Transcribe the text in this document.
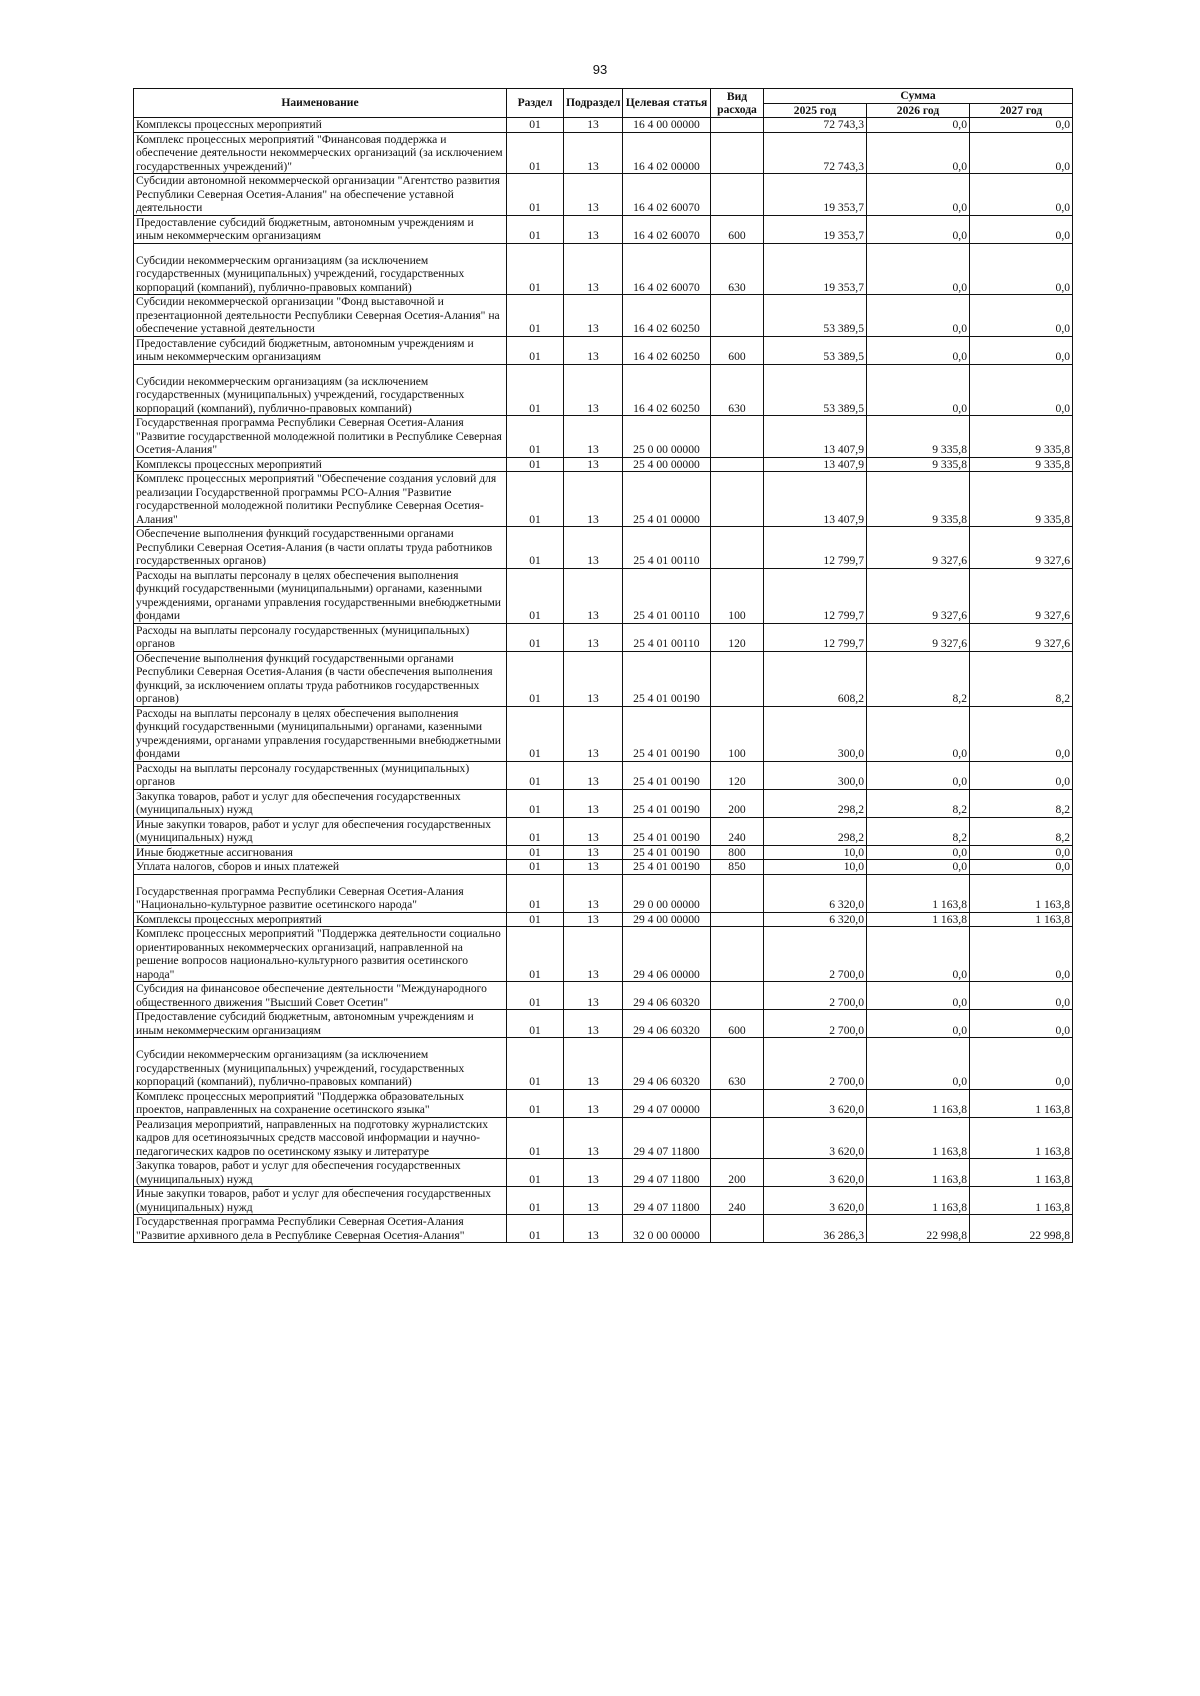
93
Наименование	Раздел	Подраздел	Целевая статья	Вид расхода	Сумма		
					2025 год	2026 год	2027 год
Комплексы процессных мероприятий	01	13	16 4 00 00000		72 743,3	0,0	0,0
Комплекс процессных мероприятий "Финансовая поддержка и обеспечение деятельности некоммерческих организаций (за исключением государственных учреждений)"	01	13	16 4 02 00000		72 743,3	0,0	0,0
Субсидии автономной некоммерческой организации "Агентство развития Республики Северная Осетия-Алания" на обеспечение уставной деятельности	01	13	16 4 02 60070		19 353,7	0,0	0,0
Предоставление субсидий бюджетным, автономным учреждениям и иным некоммерческим организациям	01	13	16 4 02 60070	600	19 353,7	0,0	0,0
Субсидии некоммерческим организациям (за исключением государственных (муниципальных) учреждений, государственных корпораций (компаний), публично-правовых компаний)	01	13	16 4 02 60070	630	19 353,7	0,0	0,0
Субсидии некоммерческой организации "Фонд выставочной и презентационной деятельности Республики Северная Осетия-Алания" на обеспечение уставной деятельности	01	13	16 4 02 60250		53 389,5	0,0	0,0
Предоставление субсидий бюджетным, автономным учреждениям и иным некоммерческим организациям	01	13	16 4 02 60250	600	53 389,5	0,0	0,0
Субсидии некоммерческим организациям (за исключением государственных (муниципальных) учреждений, государственных корпораций (компаний), публично-правовых компаний)	01	13	16 4 02 60250	630	53 389,5	0,0	0,0
Государственная программа Республики Северная Осетия-Алания "Развитие государственной молодежной политики в Республике Северная Осетия-Алания"	01	13	25 0 00 00000		13 407,9	9 335,8	9 335,8
Комплексы процессных мероприятий	01	13	25 4 00 00000		13 407,9	9 335,8	9 335,8
Комплекс процессных мероприятий "Обеспечение создания условий для реализации Государственной программы РСО-Алния "Развитие государственной молодежной политики Республике Северная Осетия-Алания"	01	13	25 4 01 00000		13 407,9	9 335,8	9 335,8
Обеспечение выполнения функций государственными органами Республики Северная Осетия-Алания (в части оплаты труда работников государственных органов)	01	13	25 4 01 00110		12 799,7	9 327,6	9 327,6
Расходы на выплаты персоналу в целях обеспечения выполнения функций государственными (муниципальными) органами, казенными учреждениями, органами управления государственными внебюджетными фондами	01	13	25 4 01 00110	100	12 799,7	9 327,6	9 327,6
Расходы на выплаты персоналу государственных (муниципальных) органов	01	13	25 4 01 00110	120	12 799,7	9 327,6	9 327,6
Обеспечение выполнения функций государственными органами Республики Северная Осетия-Алания (в части обеспечения выполнения функций, за исключением оплаты труда работников государственных органов)	01	13	25 4 01 00190		608,2	8,2	8,2
Расходы на выплаты персоналу в целях обеспечения выполнения функций государственными (муниципальными) органами, казенными учреждениями, органами управления государственными внебюджетными фондами	01	13	25 4 01 00190	100	300,0	0,0	0,0
Расходы на выплаты персоналу государственных (муниципальных) органов	01	13	25 4 01 00190	120	300,0	0,0	0,0
Закупка товаров, работ и услуг для обеспечения государственных (муниципальных) нужд	01	13	25 4 01 00190	200	298,2	8,2	8,2
Иные закупки товаров, работ и услуг для обеспечения государственных (муниципальных) нужд	01	13	25 4 01 00190	240	298,2	8,2	8,2
Иные бюджетные ассигнования	01	13	25 4 01 00190	800	10,0	0,0	0,0
Уплата налогов, сборов и иных платежей	01	13	25 4 01 00190	850	10,0	0,0	0,0
Государственная программа Республики Северная Осетия-Алания "Национально-культурное развитие осетинского народа"	01	13	29 0 00 00000		6 320,0	1 163,8	1 163,8
Комплексы процессных мероприятий	01	13	29 4 00 00000		6 320,0	1 163,8	1 163,8
Комплекс процессных мероприятий "Поддержка деятельности социально ориентированных некоммерческих организаций, направленной на решение вопросов национально-культурного развития осетинского народа"	01	13	29 4 06 00000		2 700,0	0,0	0,0
Субсидия на финансовое обеспечение деятельности "Международного общественного движения "Высший Совет Осетин"	01	13	29 4 06 60320		2 700,0	0,0	0,0
Предоставление субсидий бюджетным, автономным учреждениям и иным некоммерческим организациям	01	13	29 4 06 60320	600	2 700,0	0,0	0,0
Субсидии некоммерческим организациям (за исключением государственных (муниципальных) учреждений, государственных корпораций (компаний), публично-правовых компаний)	01	13	29 4 06 60320	630	2 700,0	0,0	0,0
Комплекс процессных мероприятий "Поддержка образовательных проектов, направленных на сохранение осетинского языка"	01	13	29 4 07 00000		3 620,0	1 163,8	1 163,8
Реализация мероприятий, направленных на подготовку журналистских кадров для осетиноязычных средств массовой информации и научно-педагогических кадров по осетинскому языку и литературе	01	13	29 4 07 11800		3 620,0	1 163,8	1 163,8
Закупка товаров, работ и услуг для обеспечения государственных (муниципальных) нужд	01	13	29 4 07 11800	200	3 620,0	1 163,8	1 163,8
Иные закупки товаров, работ и услуг для обеспечения государственных (муниципальных) нужд	01	13	29 4 07 11800	240	3 620,0	1 163,8	1 163,8
Государственная программа Республики Северная Осетия-Алания "Развитие архивного дела в Республике Северная Осетия-Алания"	01	13	32 0 00 00000		36 286,3	22 998,8	22 998,8
